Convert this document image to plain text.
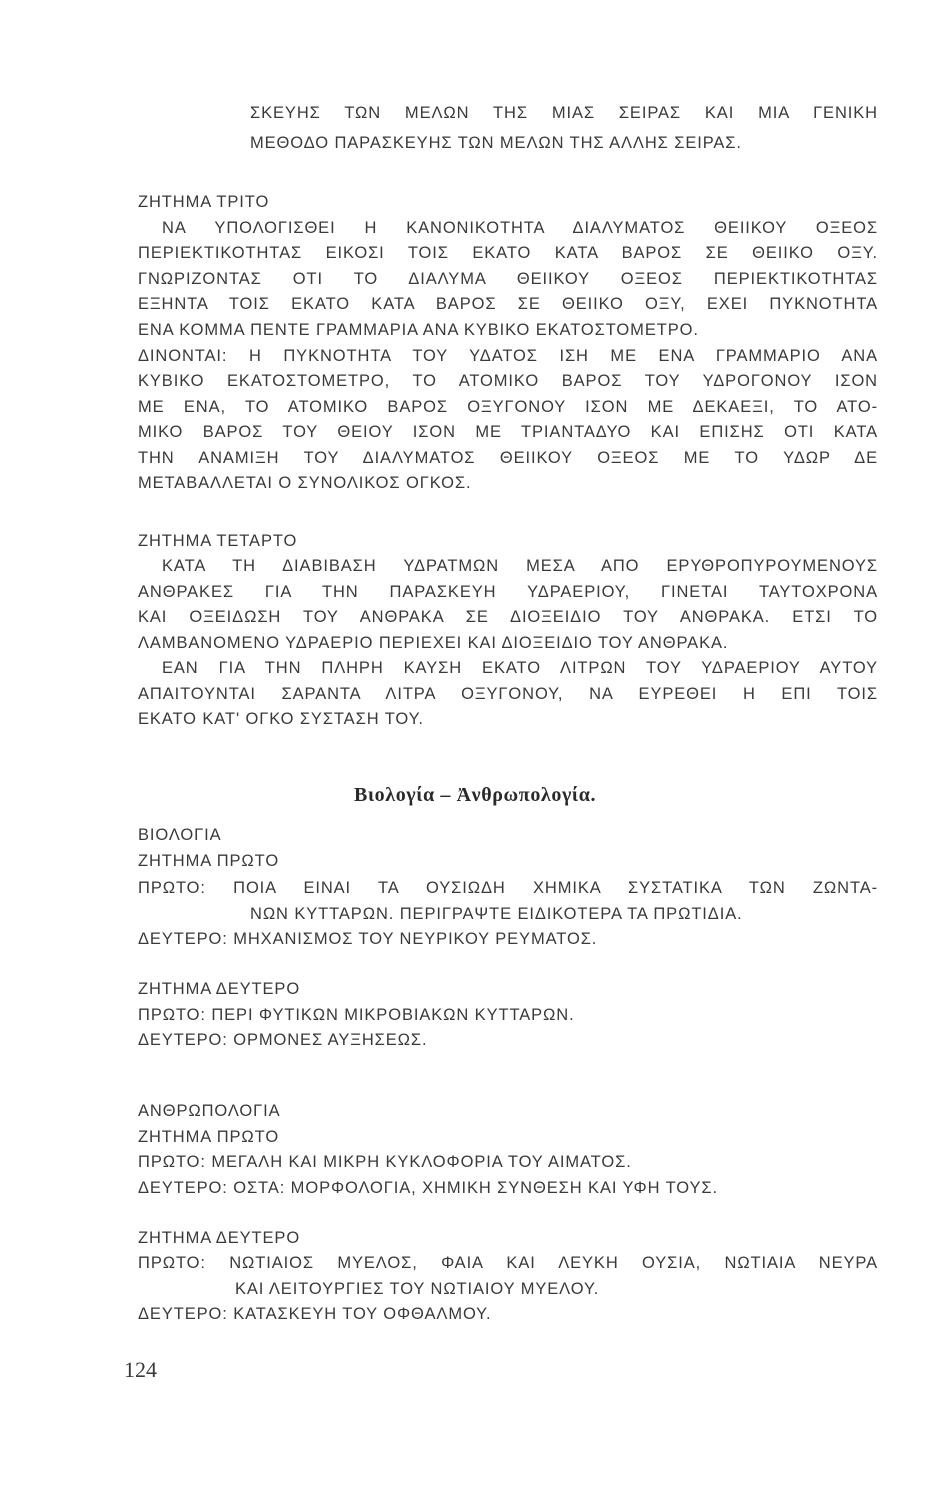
ΣΚΕΥΗΣ ΤΩΝ ΜΕΛΩΝ ΤΗΣ ΜΙΑΣ ΣΕΙΡΑΣ ΚΑΙ ΜΙΑ ΓΕΝΙΚΗ
ΜΕΘΟΔΟ ΠΑΡΑΣΚΕΥΗΣ ΤΩΝ ΜΕΛΩΝ ΤΗΣ ΑΛΛΗΣ ΣΕΙΡΑΣ.
ΖΗΤΗΜΑ ΤΡΙΤΟ
ΝΑ ΥΠΟΛΟΓΙΣΘΕΙ Η ΚΑΝΟΝΙΚΟΤΗΤΑ ΔΙΑΛΥΜΑΤΟΣ ΘΕΙΙΚΟΥ ΟΞΕΟΣ
ΠΕΡΙΕΚΤΙΚΟΤΗΤΑΣ ΕΙΚΟΣΙ ΤΟΙΣ ΕΚΑΤΟ ΚΑΤΑ ΒΑΡΟΣ ΣΕ ΘΕΙΙΚΟ ΟΞΥ.
ΓΝΩΡΙΖΟΝΤΑΣ ΟΤΙ ΤΟ ΔΙΑΛΥΜΑ ΘΕΙΙΚΟΥ ΟΞΕΟΣ ΠΕΡΙΕΚΤΙΚΟΤΗΤΑΣ
ΕΞΗΝΤΑ ΤΟΙΣ ΕΚΑΤΟ ΚΑΤΑ ΒΑΡΟΣ ΣΕ ΘΕΙΙΚΟ ΟΞΥ, ΕΧΕΙ ΠΥΚΝΟΤΗΤΑ
ΕΝΑ ΚΟΜΜΑ ΠΕΝΤΕ ΓΡΑΜΜΑΡΙΑ ΑΝΑ ΚΥΒΙΚΟ ΕΚΑΤΟΣΤΟΜΕΤΡΟ.
ΔΙΝΟΝΤΑΙ: Η ΠΥΚΝΟΤΗΤΑ ΤΟΥ ΥΔΑΤΟΣ ΙΣΗ ΜΕ ΕΝΑ ΓΡΑΜΜΑΡΙΟ ΑΝΑ
ΚΥΒΙΚΟ ΕΚΑΤΟΣΤΟΜΕΤΡΟ, ΤΟ ΑΤΟΜΙΚΟ ΒΑΡΟΣ ΤΟΥ ΥΔΡΟΓΟΝΟΥ ΙΣΟΝ
ΜΕ ΕΝΑ, ΤΟ ΑΤΟΜΙΚΟ ΒΑΡΟΣ ΟΞΥΓΟΝΟΥ ΙΣΟΝ ΜΕ ΔΕΚΑΕΞΙ, ΤΟ ΑΤΟ-
ΜΙΚΟ ΒΑΡΟΣ ΤΟΥ ΘΕΙΟΥ ΙΣΟΝ ΜΕ ΤΡΙΑΝΤΑΔΥΟ ΚΑΙ ΕΠΙΣΗΣ ΟΤΙ ΚΑΤΑ
ΤΗΝ ΑΝΑΜΙΞΗ ΤΟΥ ΔΙΑΛΥΜΑΤΟΣ ΘΕΙΙΚΟΥ ΟΞΕΟΣ ΜΕ ΤΟ ΥΔΩΡ ΔΕ
ΜΕΤΑΒΑΛΛΕΤΑΙ Ο ΣΥΝΟΛΙΚΟΣ ΟΓΚΟΣ.
ΖΗΤΗΜΑ ΤΕΤΑΡΤΟ
ΚΑΤΑ ΤΗ ΔΙΑΒΙΒΑΣΗ ΥΔΡΑΤΜΩΝ ΜΕΣΑ ΑΠΟ ΕΡΥΘΡΟΠΥΡΟΥΜΕΝΟΥΣ
ΑΝΘΡΑΚΕΣ ΓΙΑ ΤΗΝ ΠΑΡΑΣΚΕΥΗ ΥΔΡΑΕΡΙΟΥ, ΓΙΝΕΤΑΙ ΤΑΥΤΟΧΡΟΝΑ
ΚΑΙ ΟΞΕΙΔΩΣΗ ΤΟΥ ΑΝΘΡΑΚΑ ΣΕ ΔΙΟΞΕΙΔΙΟ ΤΟΥ ΑΝΘΡΑΚΑ. ΕΤΣΙ ΤΟ
ΛΑΜΒΑΝΟΜΕΝΟ ΥΔΡΑΕΡΙΟ ΠΕΡΙΕΧΕΙ ΚΑΙ ΔΙΟΞΕΙΔΙΟ ΤΟΥ ΑΝΘΡΑΚΑ.
ΕΑΝ ΓΙΑ ΤΗΝ ΠΛΗΡΗ ΚΑΥΣΗ ΕΚΑΤΟ ΛΙΤΡΩΝ ΤΟΥ ΥΔΡΑΕΡΙΟΥ ΑΥΤΟΥ
ΑΠΑΙΤΟΥΝΤΑΙ ΣΑΡΑΝΤΑ ΛΙΤΡΑ ΟΞΥΓΟΝΟΥ, ΝΑ ΕΥΡΕΘΕΙ Η ΕΠΙ ΤΟΙΣ
ΕΚΑΤΟ ΚΑΤ' ΟΓΚΟ ΣΥΣΤΑΣΗ ΤΟΥ.
Βιολογία – Ἀνθρωπολογία.
ΒΙΟΛΟΓΙΑ
ΖΗΤΗΜΑ ΠΡΩΤΟ
ΠΡΩΤΟ: ΠΟΙΑ ΕΙΝΑΙ ΤΑ ΟΥΣΙΩΔΗ ΧΗΜΙΚΑ ΣΥΣΤΑΤΙΚΑ ΤΩΝ ΖΩΝΤΑ-
ΝΩΝ ΚΥΤΤΑΡΩΝ. ΠΕΡΙΓΡΑΨΤΕ ΕΙΔΙΚΟΤΕΡΑ ΤΑ ΠΡΩΤΙΔΙΑ.
ΔΕΥΤΕΡΟ: ΜΗΧΑΝΙΣΜΟΣ ΤΟΥ ΝΕΥΡΙΚΟΥ ΡΕΥΜΑΤΟΣ.
ΖΗΤΗΜΑ ΔΕΥΤΕΡΟ
ΠΡΩΤΟ: ΠΕΡΙ ΦΥΤΙΚΩΝ ΜΙΚΡΟΒΙΑΚΩΝ ΚΥΤΤΑΡΩΝ.
ΔΕΥΤΕΡΟ: ΟΡΜΟΝΕΣ ΑΥΞΗΣΕΩΣ.
ΑΝΘΡΩΠΟΛΟΓΙΑ
ΖΗΤΗΜΑ ΠΡΩΤΟ
ΠΡΩΤΟ: ΜΕΓΑΛΗ ΚΑΙ ΜΙΚΡΗ ΚΥΚΛΟΦΟΡΙΑ ΤΟΥ ΑΙΜΑΤΟΣ.
ΔΕΥΤΕΡΟ: ΟΣΤΑ: ΜΟΡΦΟΛΟΓΙΑ, ΧΗΜΙΚΗ ΣΥΝΘΕΣΗ ΚΑΙ ΥΦΗ ΤΟΥΣ.
ΖΗΤΗΜΑ ΔΕΥΤΕΡΟ
ΠΡΩΤΟ: ΝΩΤΙΑΙΟΣ ΜΥΕΛΟΣ, ΦΑΙΑ ΚΑΙ ΛΕΥΚΗ ΟΥΣΙΑ, ΝΩΤΙΑΙΑ ΝΕΥΡΑ
ΚΑΙ ΛΕΙΤΟΥΡΓΙΕΣ ΤΟΥ ΝΩΤΙΑΙΟΥ ΜΥΕΛΟΥ.
ΔΕΥΤΕΡΟ: ΚΑΤΑΣΚΕΥΗ ΤΟΥ ΟΦΘΑΛΜΟΥ.
124
